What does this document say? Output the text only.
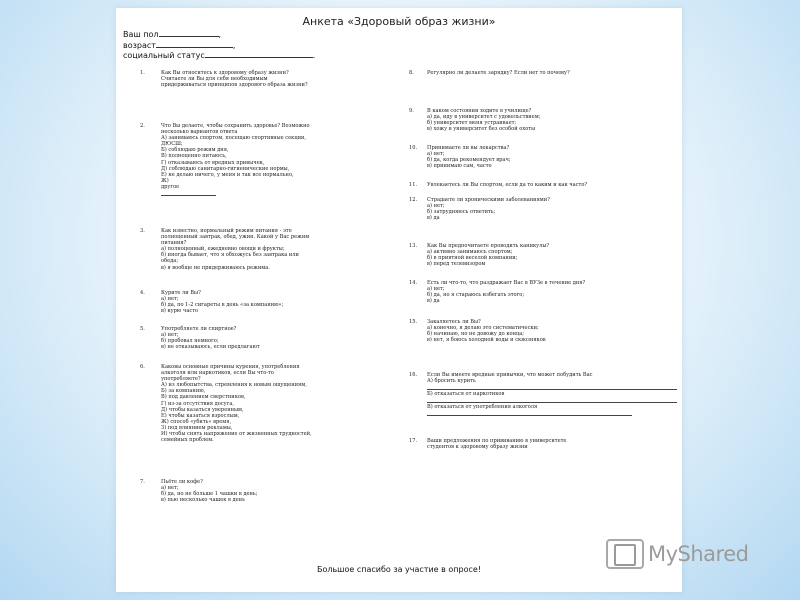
Анкета «Здоровый образ жизни»
Ваш пол	,
возраст	,
социальный статус	.
1.	Как Вы относитесь к здоровому образу жизни?
Считаете ли Вы для себя необходимым
придерживаться принципов здорового образа жизни?
2.	Что Вы делаете, чтобы сохранить здоровье? Возможно
несколько вариантов ответа
А) занимаюсь спортом, посещаю спортивные секции,
ДЮСШ;
Б) соблюдаю режим дня,
В) полноценно питаюсь,
Г) отказываюсь от вредных привычек,
Д) соблюдаю санитарно-гигиенические нормы,
Е) не делаю ничего, у меня и так все нормально,
Ж)
другое
3.	Как известно, нормальный режим питания - это
полноценный завтрак, обед, ужин. Какой у Вас режим
питания?
а) полноценный, ежедневно овощи и фрукты;
б) иногда бывает, что я обхожусь без завтрака или
обеда;
в) я вообще не придерживаюсь режима.
4.	Курите ли Вы?
а) нет;
б) да, по 1-2 сигареты в день «за компанию»;
в) курю часто
5.	Употребляете ли спиртное?
а) нет;
б) пробовал немного;
в) не отказываюсь, если предлагают
6.	Каковы основные причины курения, употребления
алкоголя или наркотиков, если Вы что-то
употребляете?
А) из любопытства, стремления к новым ощущениям,
Б) за компанию,
В) под давлением сверстников,
Г) из-за отсутствия досуга,
Д) чтобы казаться уверенным,
Е) чтобы казаться взрослым,
Ж) способ «убить» время,
З) под влиянием рекламы,
И) чтобы снять напряжение от жизненных трудностей,
семейных проблем.
7.	Пьёте ли кофе?
а) нет;
б) да, но не больше 1 чашки в день;
в) пью несколько чашек в день
8.	Регулярно ли делаете зарядку? Если нет то почему?
9.	В каком состоянии ходите в училище?
а) да, иду в университет с удовольствием;
б) университет меня устраивает;
в) хожу в университет без особой охоты
10. Принимаете ли вы лекарства?
а) нет;
б) да, когда рекомендует врач;
в) принимаю сам, часто
11. Увлекаетесь ли Вы спортом, если да то каким и как часто?
12. Страдаете ли хроническими заболеваниями?
а) нет;
б) затрудняюсь ответить;
в) да
13. Как Вы предпочитаете проводить каникулы?
а) активно занимаюсь спортом;
б) в приятной веселой компании;
в) перед телевизором
14. Есть ли что-то, что раздражает Вас в ВУЗе в течение дня?
а) нет;
б) да, но я стараюсь избегать этого;
в) да
15. Закаляетесь ли Вы?
а) конечно, я делаю это систематически;
б) начинаю, но не довожу до конца;
в) нет, я боюсь холодной воды и сквозняков
16. Если Вы имеете вредные привычки, что может побудить Вас
А) бросить курить
Б) отказаться от наркотиков
В) отказаться от употребления алкоголя
17. Ваши предложения по прививанию в университете
студентов к здоровому образу жизни
Большое спасибо за участие в опросе!
MyShared
